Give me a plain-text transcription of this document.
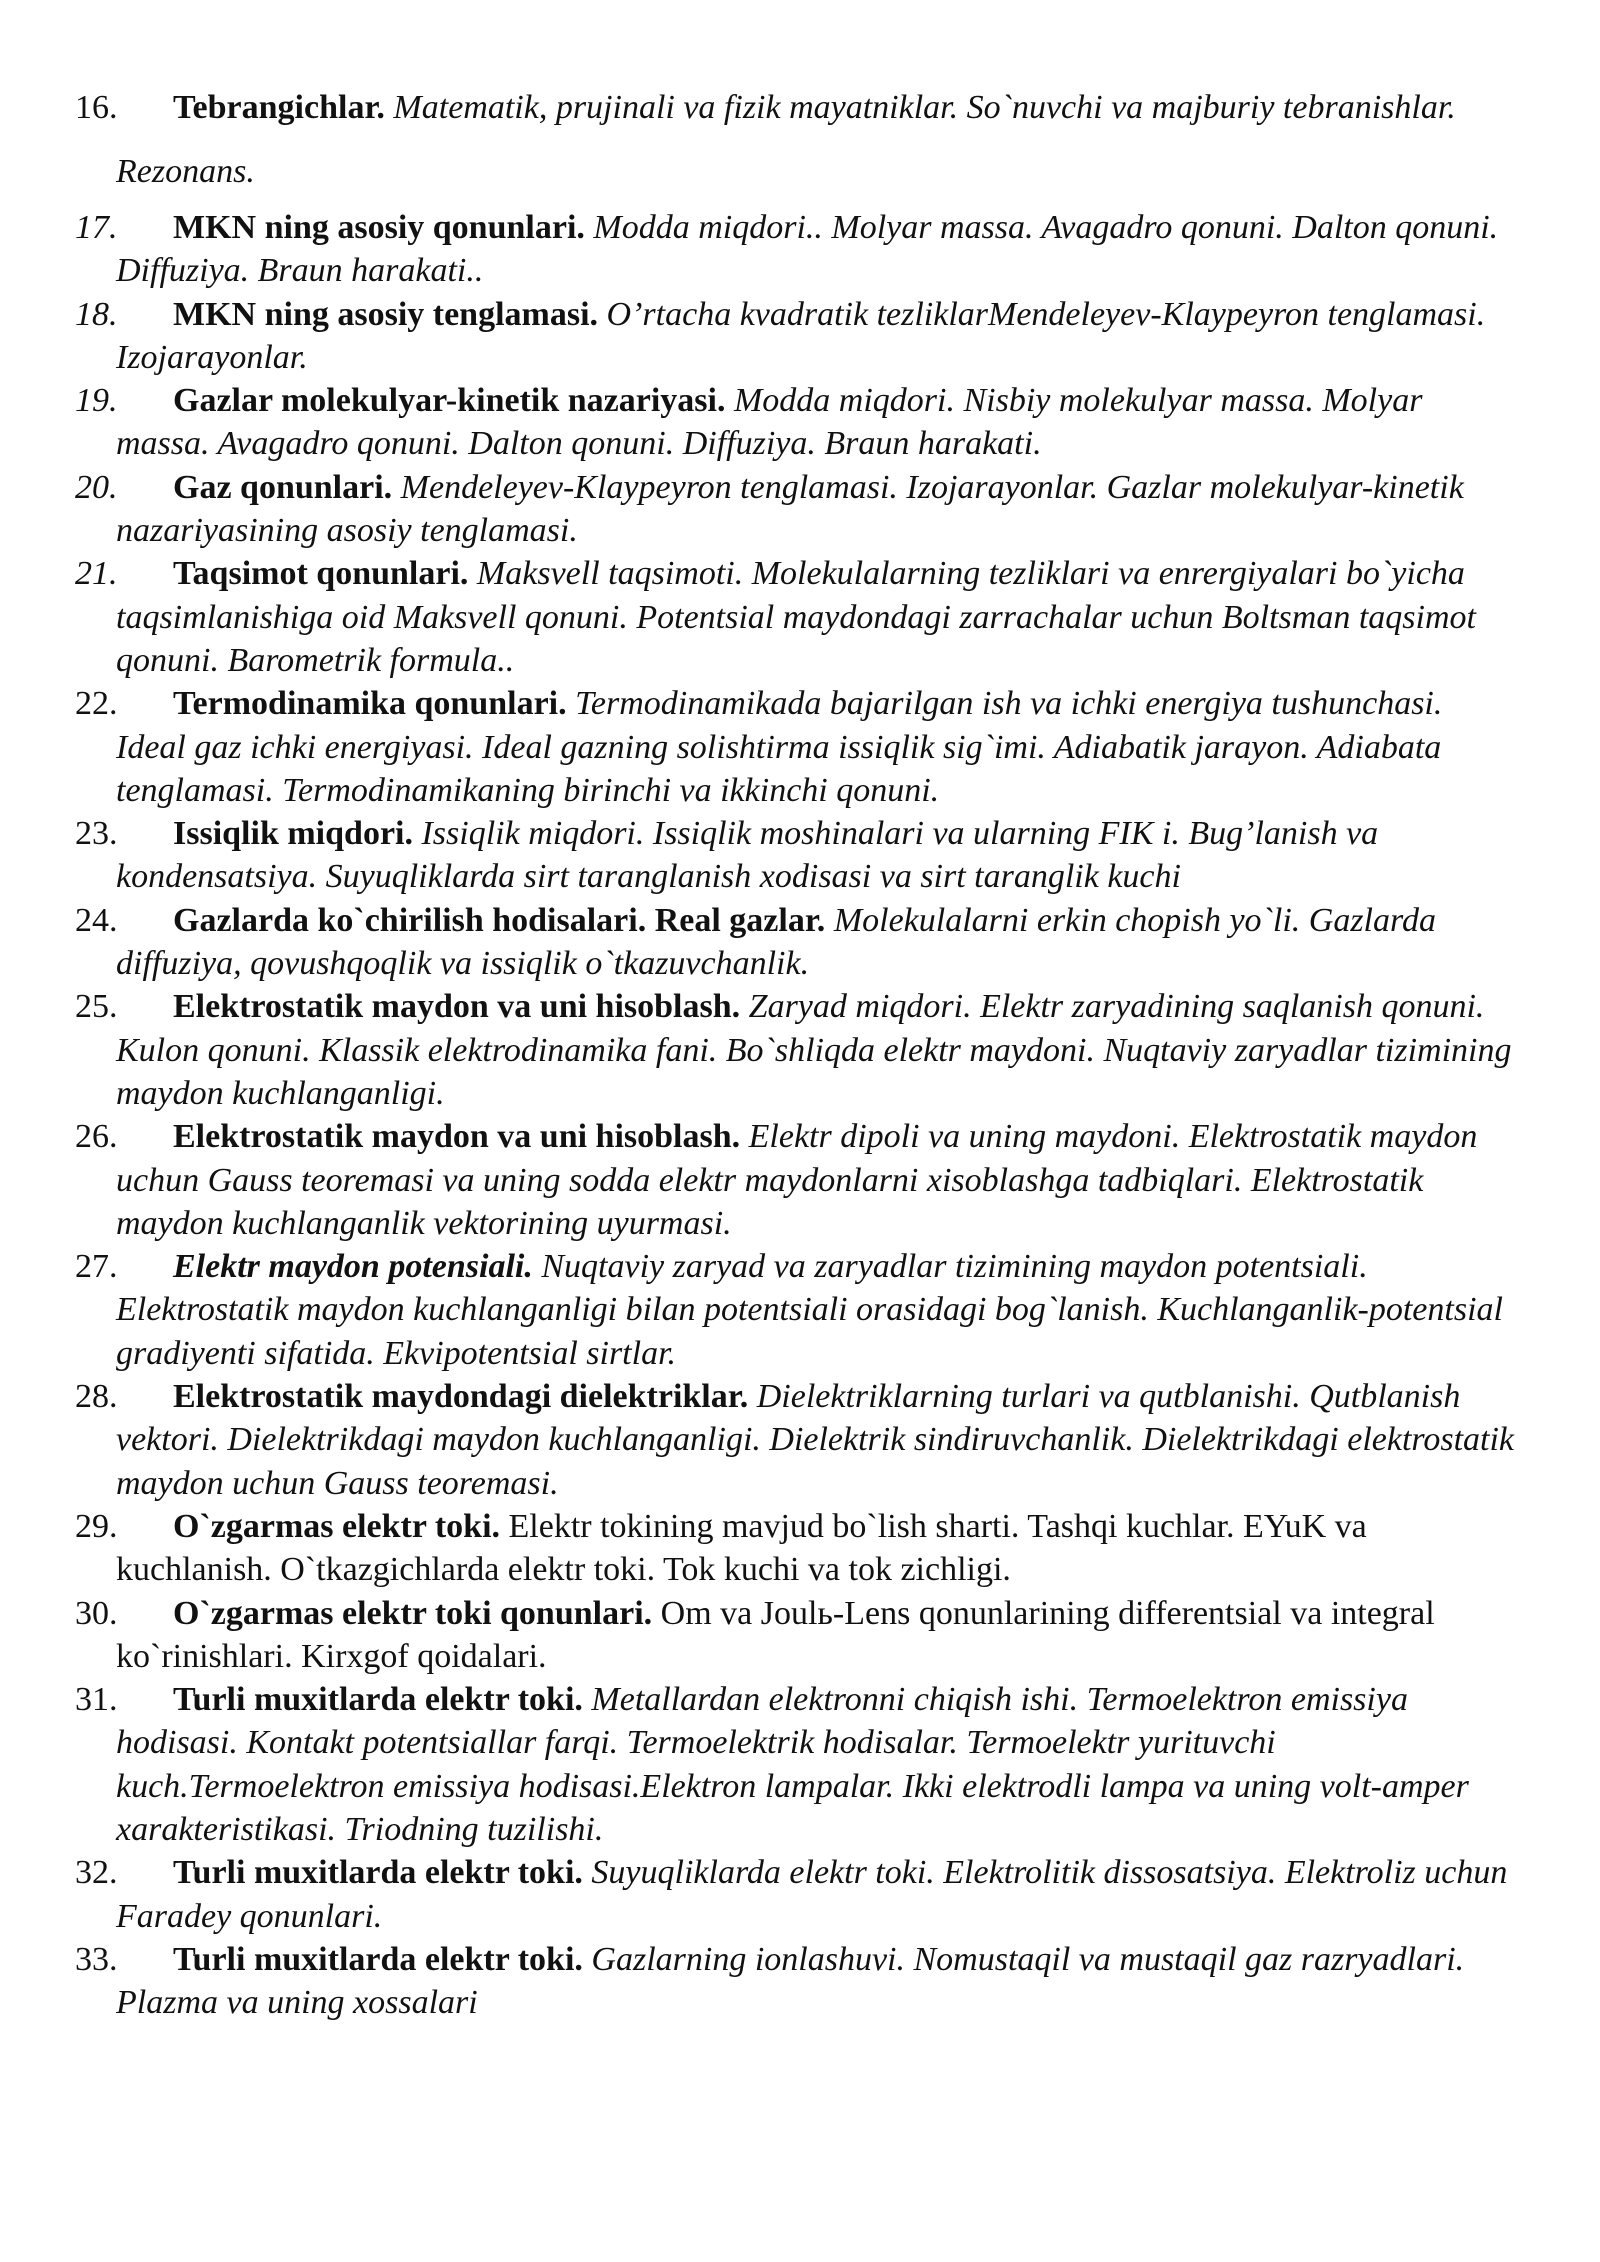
16. Tebrangichlar. Matematik, prujinali va fizik mayatniklar. So`nuvchi va majburiy tebranishlar. Rezonans.

17. MKN ning asosiy qonunlari. Modda miqdori.. Molyar massa. Avagadro qonuni. Dalton qonuni. Diffuziya. Braun harakati..

18. MKN ning asosiy tenglamasi. O’rtacha kvadratik tezliklarMendeleyev-Klaypeyron tenglamasi. Izojarayonlar.

19. Gazlar molekulyar-kinetik nazariyasi. Modda miqdori. Nisbiy molekulyar massa. Molyar massa. Avagadro qonuni. Dalton qonuni. Diffuziya. Braun harakati.

20. Gaz qonunlari. Mendeleyev-Klaypeyron tenglamasi. Izojarayonlar. Gazlar molekulyar-kinetik nazariyasining asosiy tenglamasi.

21. Taqsimot qonunlari. Maksvell taqsimoti. Molekulalarning tezliklari va enrergiyalari bo`yicha taqsimlanishiga oid Maksvell qonuni. Potentsial maydondagi zarrachalar uchun Boltsman taqsimot qonuni. Barometrik formula..

22. Termodinamika qonunlari. Termodinamikada bajarilgan ish va ichki energiya tushunchasi. Ideal gaz ichki energiyasi. Ideal gazning solishtirma issiqlik sig`imi. Adiabatik jarayon. Adiabata tenglamasi. Termodinamikaning birinchi va ikkinchi qonuni.

23. Issiqlik miqdori. Issiqlik miqdori. Issiqlik moshinalari va ularning FIK i. Bug’lanish va kondensatsiya. Suyuqliklarda sirt taranglanish xodisasi va sirt taranglik kuchi

24. Gazlarda ko`chirilish hodisalari. Real gazlar. Molekulalarni erkin chopish yo`li. Gazlarda diffuziya, qovushqoqlik va issiqlik o`tkazuvchanlik.

25. Elektrostatik maydon va uni hisoblash. Zaryad miqdori. Elektr zaryadining saqlanish qonuni. Kulon qonuni. Klassik elektrodinamika fani. Bo`shliqda elektr maydoni. Nuqtaviy zaryadlar tizimining maydon kuchlanganligi.

26. Elektrostatik maydon va uni hisoblash. Elektr dipoli va uning maydoni. Elektrostatik maydon uchun Gauss teoremasi va uning sodda elektr maydonlarni xisoblashga tadbiqlari. Elektrostatik maydon kuchlanganlik vektorining uyurmasi.

27. Elektr maydon potensiali. Nuqtaviy zaryad va zaryadlar tizimining maydon potentsiali. Elektrostatik maydon kuchlanganligi bilan potentsiali orasidagi bog`lanish. Kuchlanganlik-potentsial gradiyenti sifatida. Ekvipotentsial sirtlar.

28. Elektrostatik maydondagi dielektriklar. Dielektriklarning turlari va qutblanishi. Qutblanish vektori. Dielektrikdagi maydon kuchlanganligi. Dielektrik sindiruvchanlik. Dielektrikdagi elektrostatik maydon uchun Gauss teoremasi.

29. O`zgarmas elektr toki. Elektr tokining mavjud bo`lish sharti. Tashqi kuchlar. EYuK va kuchlanish. O`tkazgichlarda elektr toki. Tok kuchi va tok zichligi.

30. O`zgarmas elektr toki qonunlari. Om va Joulь-Lens qonunlarining differentsial va integral ko`rinishlari. Kirxgof qoidalari.

31. Turli muxitlarda elektr toki. Metallardan elektronni chiqish ishi. Termoelektron emissiya hodisasi. Kontakt potentsiallar farqi. Termoelektrik hodisalar. Termoelektr yurituvchi kuch.Termoelektron emissiya hodisasi.Elektron lampalar. Ikki elektrodli lampa va uning volt-amper xarakteristikasi. Triodning tuzilishi.

32. Turli muxitlarda elektr toki. Suyuqliklarda elektr toki. Elektrolitik dissosatsiya. Elektroliz uchun Faradey qonunlari.

33. Turli muxitlarda elektr toki. Gazlarning ionlashuvi. Nomustaqil va mustaqil gaz razryadlari. Plazma va uning xossalari
